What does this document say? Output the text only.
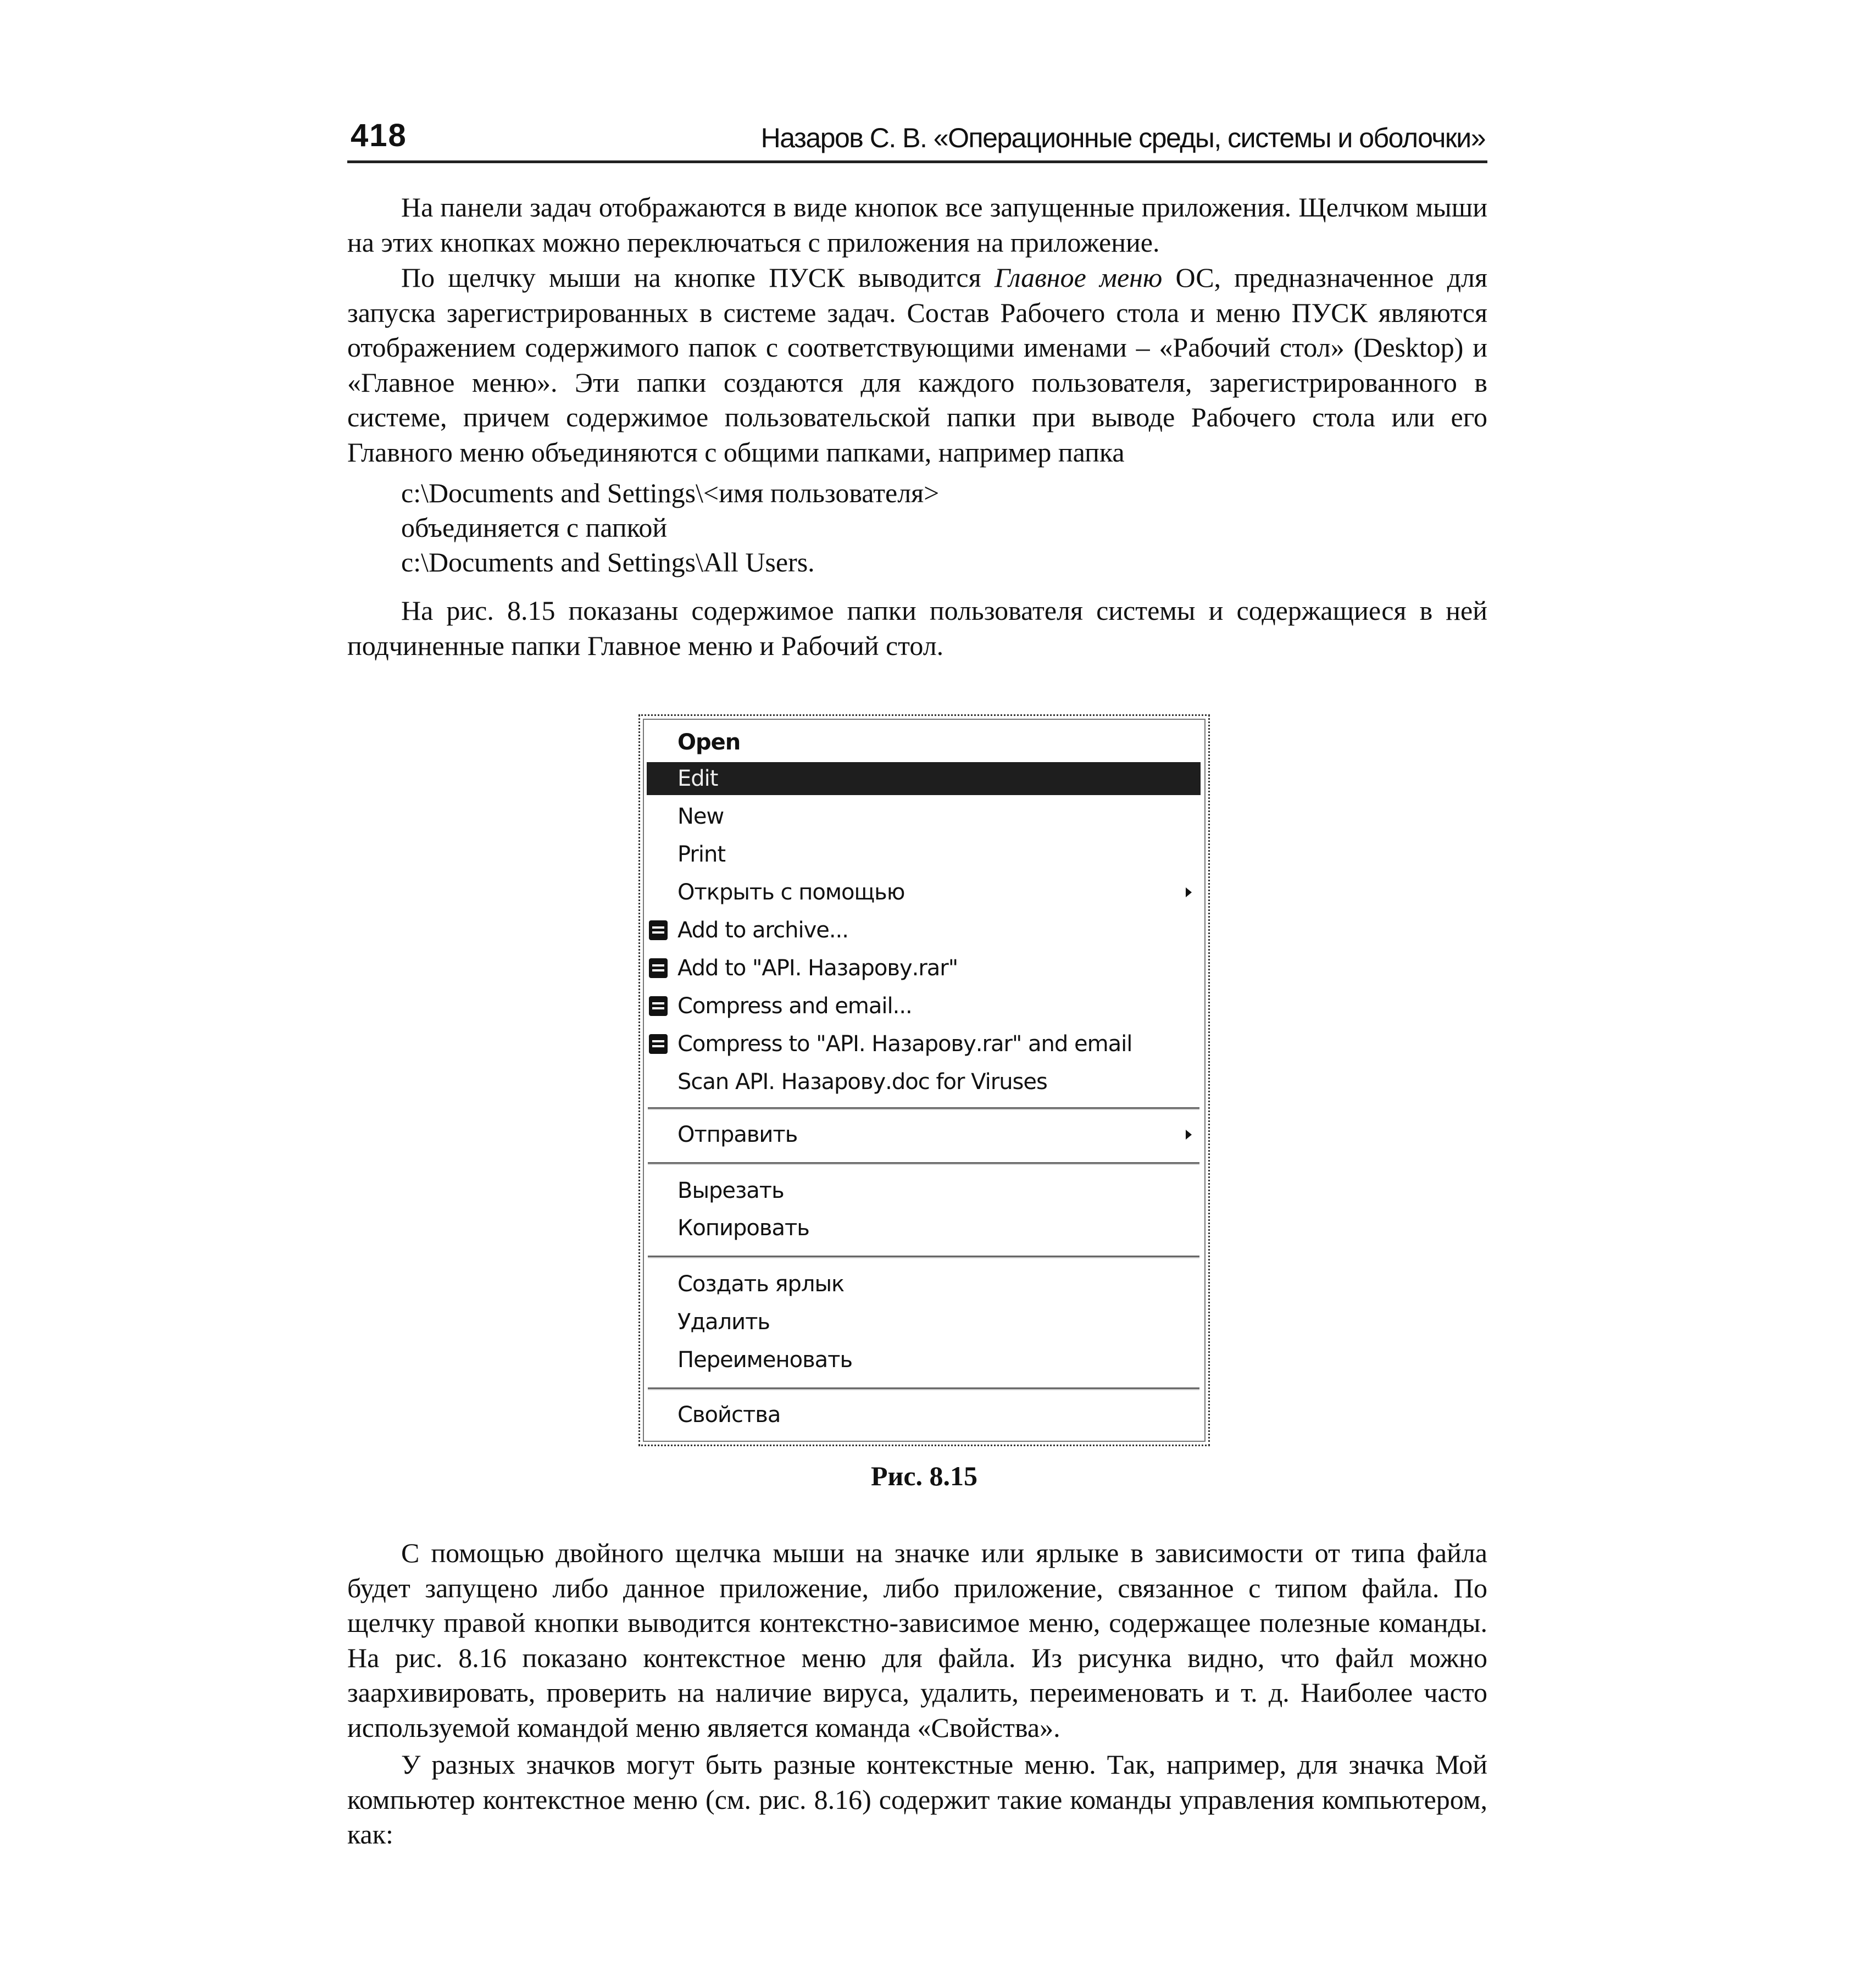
418	Назаров С. В. «Операционные среды, системы и оболочки»

На панели задач отображаются в виде кнопок все запущенные приложения. Щелчком мыши на этих кнопках можно переключаться с приложения на приложение.

По щелчку мыши на кнопке ПУСК выводится Главное меню ОС, предназначенное для запуска зарегистрированных в системе задач. Состав Рабочего стола и меню ПУСК являются отображением содержимого папок с соответствующими именами – «Рабочий стол» (Desktop) и «Главное меню». Эти папки создаются для каждого пользователя, зарегистрированного в системе, причем содержимое пользовательской папки при выводе Рабочего стола или его Главного меню объединяются с общими папками, например папка

c:\Documents and Settings\<имя пользователя>

объединяется с папкой

c:\Documents and Settings\All Users.

На рис. 8.15 показаны содержимое папки пользователя системы и содержащиеся в ней подчиненные папки Главное меню и Рабочий стол.

Open
Edit
New
Print
Открыть с помощью
Add to archive...
Add to "API. Назарову.rar"
Compress and email...
Compress to "API. Назарову.rar" and email
Scan API. Назарову.doc for Viruses
Отправить
Вырезать
Копировать
Создать ярлык
Удалить
Переименовать
Свойства

Рис. 8.15

С помощью двойного щелчка мыши на значке или ярлыке в зависимости от типа файла будет запущено либо данное приложение, либо приложение, связанное с типом файла. По щелчку правой кнопки выводится контекстно-зависимое меню, содержащее полезные команды. На рис. 8.16 показано контекстное меню для файла. Из рисунка видно, что файл можно заархивировать, проверить на наличие вируса, удалить, переименовать и т. д. Наиболее часто используемой командой меню является команда «Свойства».

У разных значков могут быть разные контекстные меню. Так, например, для значка Мой компьютер контекстное меню (см. рис. 8.16) содержит такие команды управления компьютером, как:
